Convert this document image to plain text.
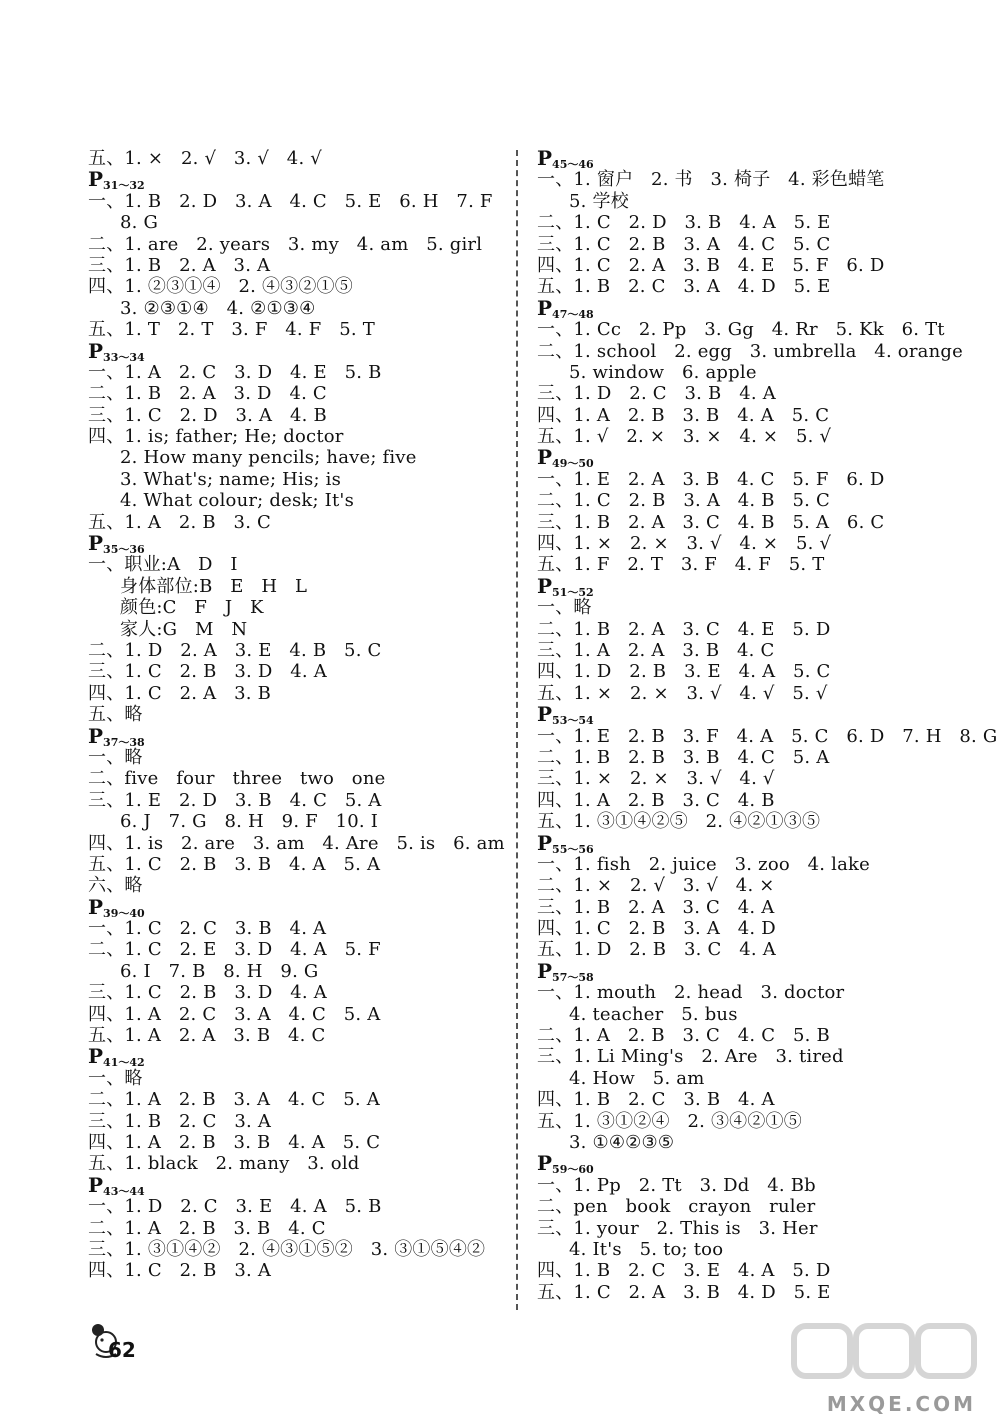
五、1. ×   2. √   3. √   4. √
$P_{31\sim 32}$
一、1. B   2. D   3. A   4. C   5. E   6. H   7. F
8. G
二、1. are   2. years   3. my   4. am   5. girl
三、1. B   2. A   3. A
四、1. ②③①④   2. ④③②①⑤
3. ②③①④   4. ②①③④
五、1. T   2. T   3. F   4. F   5. T
$P_{33\sim 34}$
一、1. A   2. C   3. D   4. E   5. B
二、1. B   2. A   3. D   4. C
三、1. C   2. D   3. A   4. B
四、1. is; father; He; doctor
2. How many pencils; have; five
3. What's; name; His; is
4. What colour; desk; It's
五、1. A   2. B   3. C
$P_{35\sim 36}$
一、职业:A   D   I
身体部位:B   E   H   L
颜色:C   F   J   K
家人:G   M   N
二、1. D   2. A   3. E   4. B   5. C
三、1. C   2. B   3. D   4. A
四、1. C   2. A   3. B
五、略
$P_{37\sim 38}$
一、略
二、five   four   three   two   one
三、1. E   2. D   3. B   4. C   5. A
6. J   7. G   8. H   9. F   10. I
四、1. is   2. are   3. am   4. Are   5. is   6. am
五、1. C   2. B   3. B   4. A   5. A
六、略
$P_{39\sim 40}$
一、1. C   2. C   3. B   4. A
二、1. C   2. E   3. D   4. A   5. F
6. I   7. B   8. H   9. G
三、1. C   2. B   3. D   4. A
四、1. A   2. C   3. A   4. C   5. A
五、1. A   2. A   3. B   4. C
$P_{41\sim 42}$
一、略
二、1. A   2. B   3. A   4. C   5. A
三、1. B   2. C   3. A
四、1. A   2. B   3. B   4. A   5. C
五、1. black   2. many   3. old
$P_{43\sim 44}$
一、1. D   2. C   3. E   4. A   5. B
二、1. A   2. B   3. B   4. C
三、1. ③①④②   2. ④③①⑤②   3. ③①⑤④②
四、1. C   2. B   3. A
$P_{45\sim 46}$
一、1. 窗户   2. 书   3. 椅子   4. 彩色蜡笔
5. 学校
二、1. C   2. D   3. B   4. A   5. E
三、1. C   2. B   3. A   4. C   5. C
四、1. C   2. A   3. B   4. E   5. F   6. D
五、1. B   2. C   3. A   4. D   5. E
$P_{47\sim 48}$
一、1. Cc   2. Pp   3. Gg   4. Rr   5. Kk   6. Tt
二、1. school   2. egg   3. umbrella   4. orange
5. window   6. apple
三、1. D   2. C   3. B   4. A
四、1. A   2. B   3. B   4. A   5. C
五、1. √   2. ×   3. ×   4. ×   5. √
$P_{49\sim 50}$
一、1. E   2. A   3. B   4. C   5. F   6. D
二、1. C   2. B   3. A   4. B   5. C
三、1. B   2. A   3. C   4. B   5. A   6. C
四、1. ×   2. ×   3. √   4. ×   5. √
五、1. F   2. T   3. F   4. F   5. T
$P_{51\sim 52}$
一、略
二、1. B   2. A   3. C   4. E   5. D
三、1. A   2. A   3. B   4. C
四、1. D   2. B   3. E   4. A   5. C
五、1. ×   2. ×   3. √   4. √   5. √
$P_{53\sim 54}$
一、1. E   2. B   3. F   4. A   5. C   6. D   7. H   8. G
二、1. B   2. B   3. B   4. C   5. A
三、1. ×   2. ×   3. √   4. √
四、1. A   2. B   3. C   4. B
五、1. ③①④②⑤   2. ④②①③⑤
$P_{55\sim 56}$
一、1. fish   2. juice   3. zoo   4. lake
二、1. ×   2. √   3. √   4. ×
三、1. B   2. A   3. C   4. A
四、1. C   2. B   3. A   4. D
五、1. D   2. B   3. C   4. A
$P_{57\sim 58}$
一、1. mouth   2. head   3. doctor
4. teacher   5. bus
二、1. A   2. B   3. C   4. C   5. B
三、1. Li Ming's   2. Are   3. tired
4. How   5. am
四、1. B   2. C   3. B   4. A
五、1. ③①②④   2. ③④②①⑤
3. ①④②③⑤
$P_{59\sim 60}$
一、1. Pp   2. Tt   3. Dd   4. Bb
二、pen   book   crayon   ruler
三、1. your   2. This is   3. Her
4. It's   5. to; too
四、1. B   2. C   3. E   4. A   5. D
五、1. C   2. A   3. B   4. D   5. E
62
MXQE.COM
